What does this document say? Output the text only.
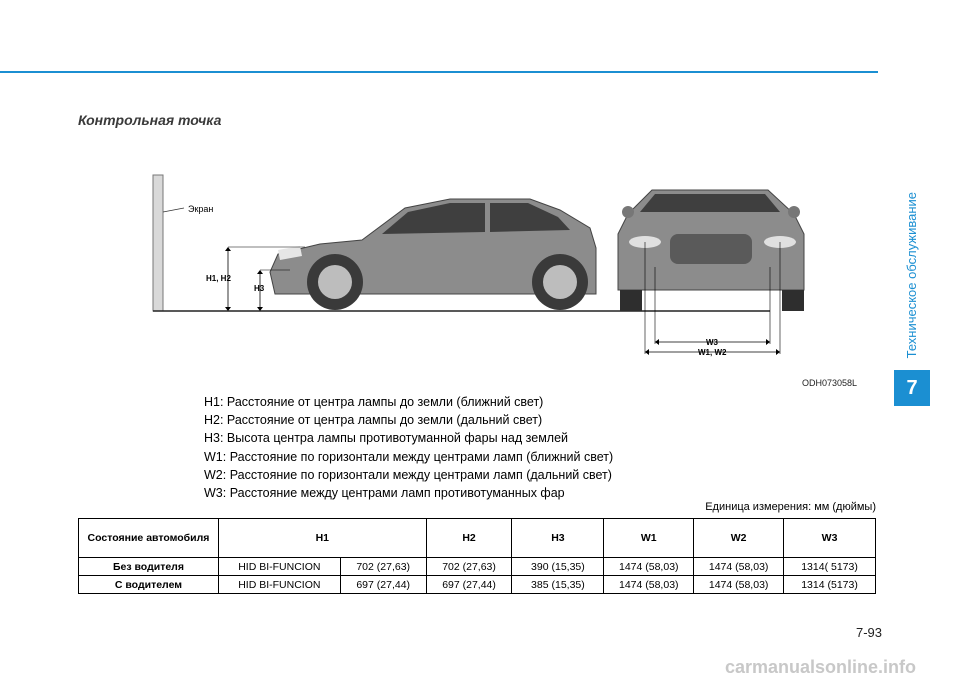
Контрольная точка
Техническое обслуживание
7
Экран
H1, H2
H3
W3
W1, W2
ODH073058L
H1: Расстояние от центра лампы до земли (ближний свет)
H2: Расстояние от центра лампы до земли (дальний свет)
H3: Высота центра лампы противотуманной фары над землей
W1: Расстояние по горизонтали между центрами ламп (ближний свет)
W2: Расстояние по горизонтали между центрами ламп (дальний свет)
W3: Расстояние между центрами ламп противотуманных фар
Единица измерения: мм (дюймы)
Состояние автомобиля	H1		H2	H3	W1	W2	W3
Без водителя	HID BI-FUNCION	702 (27,63)	702 (27,63)	390 (15,35)	1474 (58,03)	1474 (58,03)	1314( 5173)
С водителем	HID BI-FUNCION	697 (27,44)	697 (27,44)	385 (15,35)	1474 (58,03)	1474 (58,03)	1314 (5173)
7-93
carmanualsonline.info
